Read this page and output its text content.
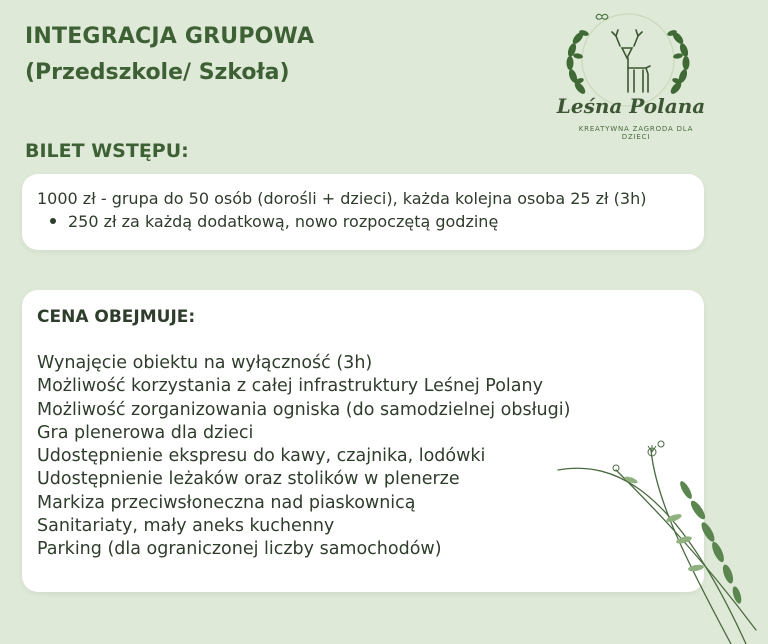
INTEGRACJA GRUPOWA
(Przedszkole/ Szkoła)
Leśna Polana
KREATYWNA ZAGRODA DLA DZIECI
BILET WSTĘPU:
1000 zł - grupa do 50 osób (dorośli + dzieci), każda kolejna osoba 25 zł (3h)
250 zł za każdą dodatkową, nowo rozpoczętą godzinę
CENA OBEJMUJE:
Wynajęcie obiektu na wyłączność (3h)
Możliwość korzystania z całej infrastruktury Leśnej Polany
Możliwość zorganizowania ogniska (do samodzielnej obsługi)
Gra plenerowa dla dzieci
Udostępnienie ekspresu do kawy, czajnika, lodówki
Udostępnienie leżaków oraz stolików w plenerze
Markiza przeciwsłoneczna nad piaskownicą
Sanitariaty, mały aneks kuchenny
Parking (dla ograniczonej liczby samochodów)
